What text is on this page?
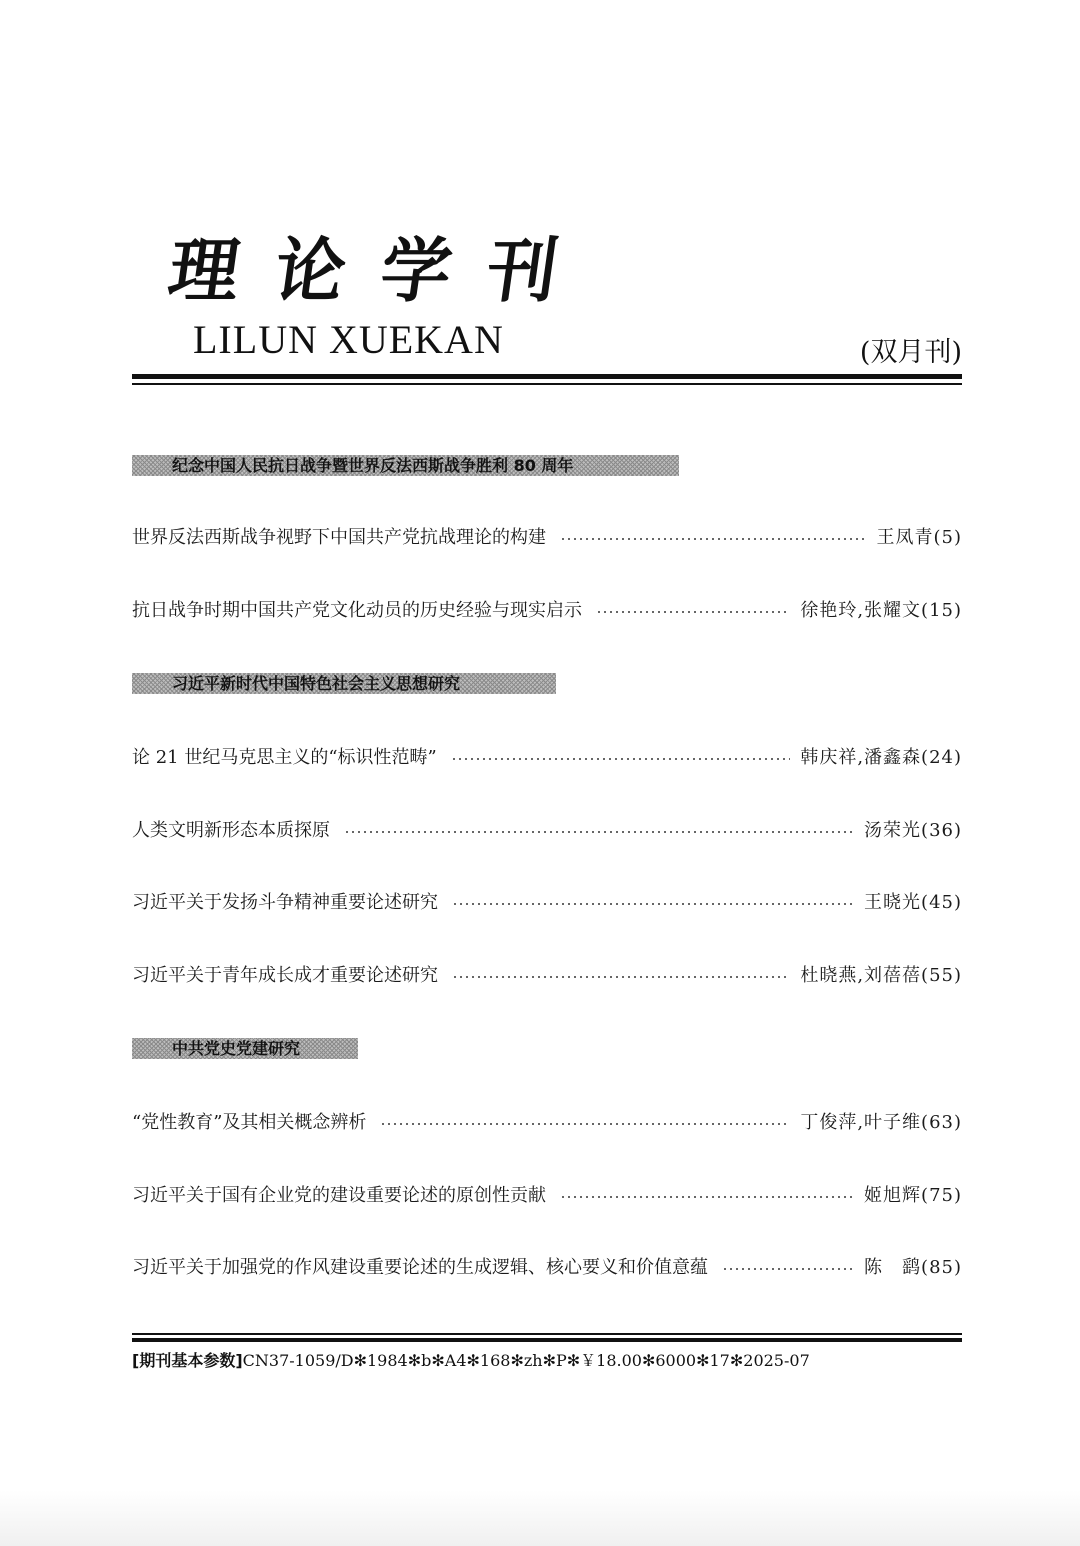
理论学刊
LILUN XUEKAN	(双月刊)
纪念中国人民抗日战争暨世界反法西斯战争胜利 80 周年
世界反法西斯战争视野下中国共产党抗战理论的构建	王凤青(5)
抗日战争时期中国共产党文化动员的历史经验与现实启示	徐艳玲,张耀文(15)
习近平新时代中国特色社会主义思想研究
论 21 世纪马克思主义的“标识性范畴”	韩庆祥,潘鑫森(24)
人类文明新形态本质探原	汤荣光(36)
习近平关于发扬斗争精神重要论述研究	王晓光(45)
习近平关于青年成长成才重要论述研究	杜晓燕,刘蓓蓓(55)
中共党史党建研究
“党性教育”及其相关概念辨析	丁俊萍,叶子维(63)
习近平关于国有企业党的建设重要论述的原创性贡献	姬旭辉(75)
习近平关于加强党的作风建设重要论述的生成逻辑、核心要义和价值意蕴	陈　鹞(85)
[期刊基本参数]CN37-1059/D✻1984✻b✻A4✻168✻zh✻P✻￥18.00✻6000✻17✻2025-07
